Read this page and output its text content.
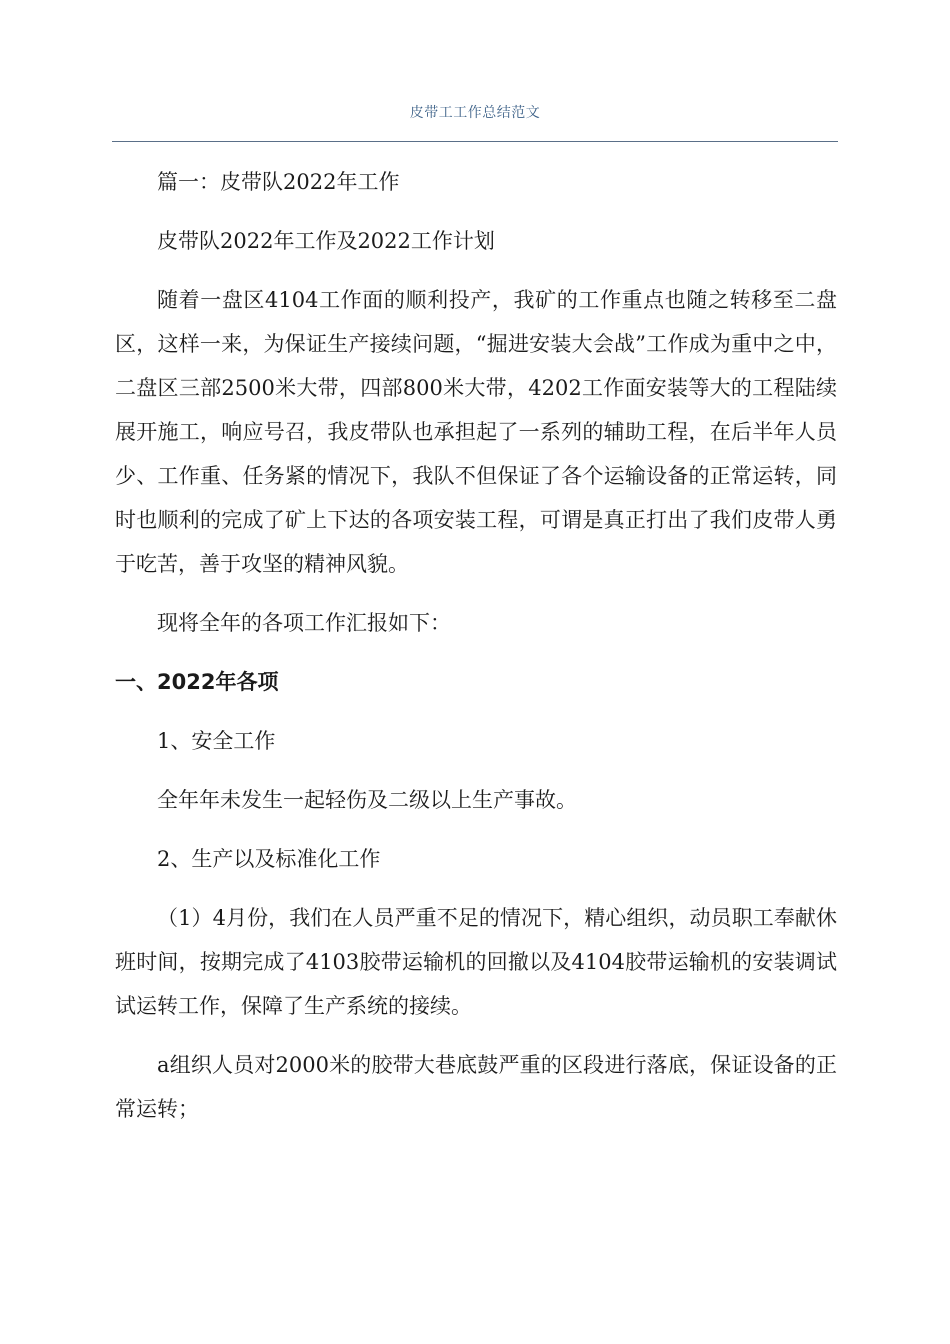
皮带工工作总结范文

篇一：皮带队2022年工作

皮带队2022年工作及2022工作计划

随着一盘区4104工作面的顺利投产，我矿的工作重点也随之转移至二盘区，这样一来，为保证生产接续问题，“掘进安装大会战”工作成为重中之中，二盘区三部2500米大带，四部800米大带，4202工作面安装等大的工程陆续展开施工，响应号召，我皮带队也承担起了一系列的辅助工程，在后半年人员少、工作重、任务紧的情况下，我队不但保证了各个运输设备的正常运转，同时也顺利的完成了矿上下达的各项安装工程，可谓是真正打出了我们皮带人勇于吃苦，善于攻坚的精神风貌。

现将全年的各项工作汇报如下：

一、2022年各项

1、安全工作

全年年未发生一起轻伤及二级以上生产事故。

2、生产以及标准化工作

（1）4月份，我们在人员严重不足的情况下，精心组织，动员职工奉献休班时间，按期完成了4103胶带运输机的回撤以及4104胶带运输机的安装调试试运转工作，保障了生产系统的接续。

a组织人员对2000米的胶带大巷底鼓严重的区段进行落底，保证设备的正常运转；
